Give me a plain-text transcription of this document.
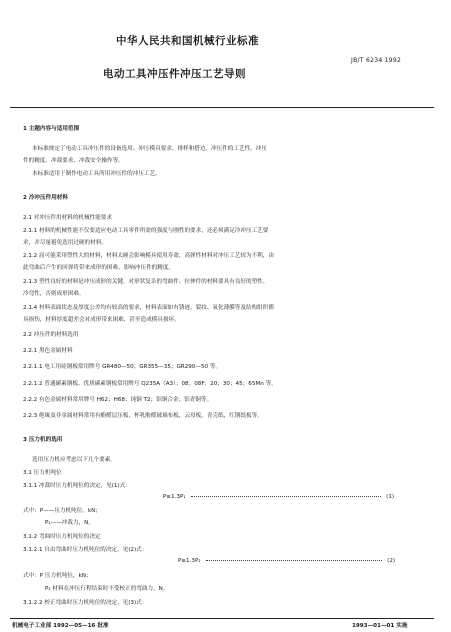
中华人民共和国机械行业标准
JB/T 6234 1992
电动工具冲压件冲压工艺导则
1 主题内容与适用范围
本标准规定了电动工具冲压件的设备选用、冲压模具要求、排样和搭边、冲压件的工艺性、冲压
件的精度、冲裁要求、冲裁安全操作等。
本标准适用于制作电动工具所用冲压件的冲压工艺。
2 冷冲压件用材料
2.1 对冲压件用材料的机械性能要求
2.1.1 材料的机械性能不仅要适应电动工具零件所需的强度与刚性的要求，还必须满足冷冲压工艺要
求，并尽量避免选用过硬的材料。
2.1.2 屈可能采用塑性大的材料，材料太硬会影响模具使用寿命，高弹性材料对冲压工艺较为不利，由
此弯曲后产生的回弹将带来成形的困难，影响冲压件的精度。
2.1.3 塑性良好的材料是冲压成形的关键，对形状复杂的弯曲件，拉伸件的材料要具有良好的塑性、
冷弯性，否则成形困难。
2.1.4 材料表面状态及厚度公差均有较高的要求，材料表面如有锈迹、裂纹、氧化薄膜等及结构组织都
具损伤，材料厚度超差会对成形带来困难，甚至造成模具损坏。
2.2 冲压件的材料选用
2.2.1 黑色金属材料
2.2.1.1 电工用硅钢板常用牌号 GR480—50；GR355—35；GR290—50 等。
2.2.1.2 普通碳素钢板、优质碳素钢板常用牌号 Q235A（A3）；08；08F；20；30；45；65Mn 等。
2.2.2 有色金属材料常用牌号 H62；H68；纯铜 T2；铝铜合金；铝青铜等。
2.2.3 绝缘及非金属材料常用有酚醛层压板，杯乳酚醛玻璃布板，云母板，青壳纸，红钢纸板等。
3 压力机的选用
选用压力机应考虑以下几个要素。
3.1 压力机吨位
3.1.1 冲裁时压力机吨位的决定，见(1)式：
P≥1.3P₁	(1)
式中：P——压力机吨位，kN；
P₁——冲裁力，N。
3.1.2 弯曲时压力机吨位的决定
3.1.2.1 自由弯曲时压力机吨位的决定，见(2)式：
P≥1.3P₂	(2)
式中：P 压力机吨位，kN；
P₂ 材料在冲压行程结束时不受校正的弯曲力，N。
3.1.2.2 校正弯曲时压力机吨位的决定，见(3)式：
机械电子工业部 1992—05—16 批准	1993—01—01 实施
